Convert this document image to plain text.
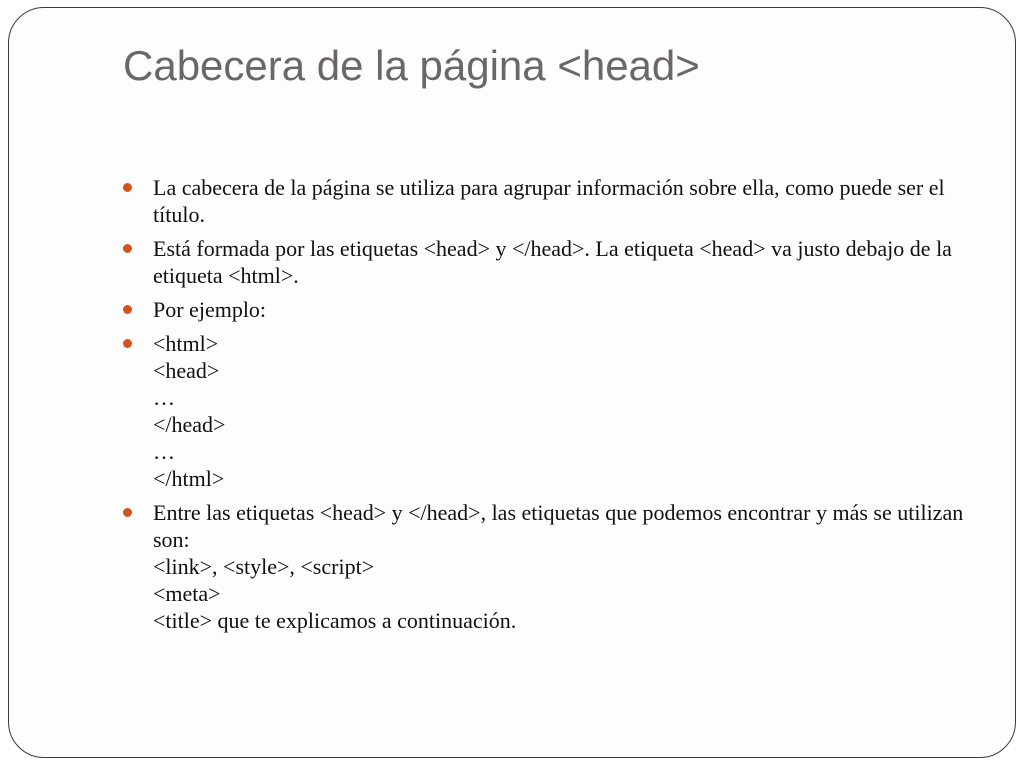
Cabecera de la página <head>
La cabecera de la página se utiliza para agrupar información sobre ella, como puede ser el título.
Está formada por las etiquetas <head> y </head>. La etiqueta <head> va justo debajo de la etiqueta <html>.
Por ejemplo:
<html>
<head>
…
</head>
…
</html>
Entre las etiquetas <head> y </head>, las etiquetas que podemos encontrar y más se utilizan son:
<link>, <style>, <script>
<meta>
<title> que te explicamos a continuación.
